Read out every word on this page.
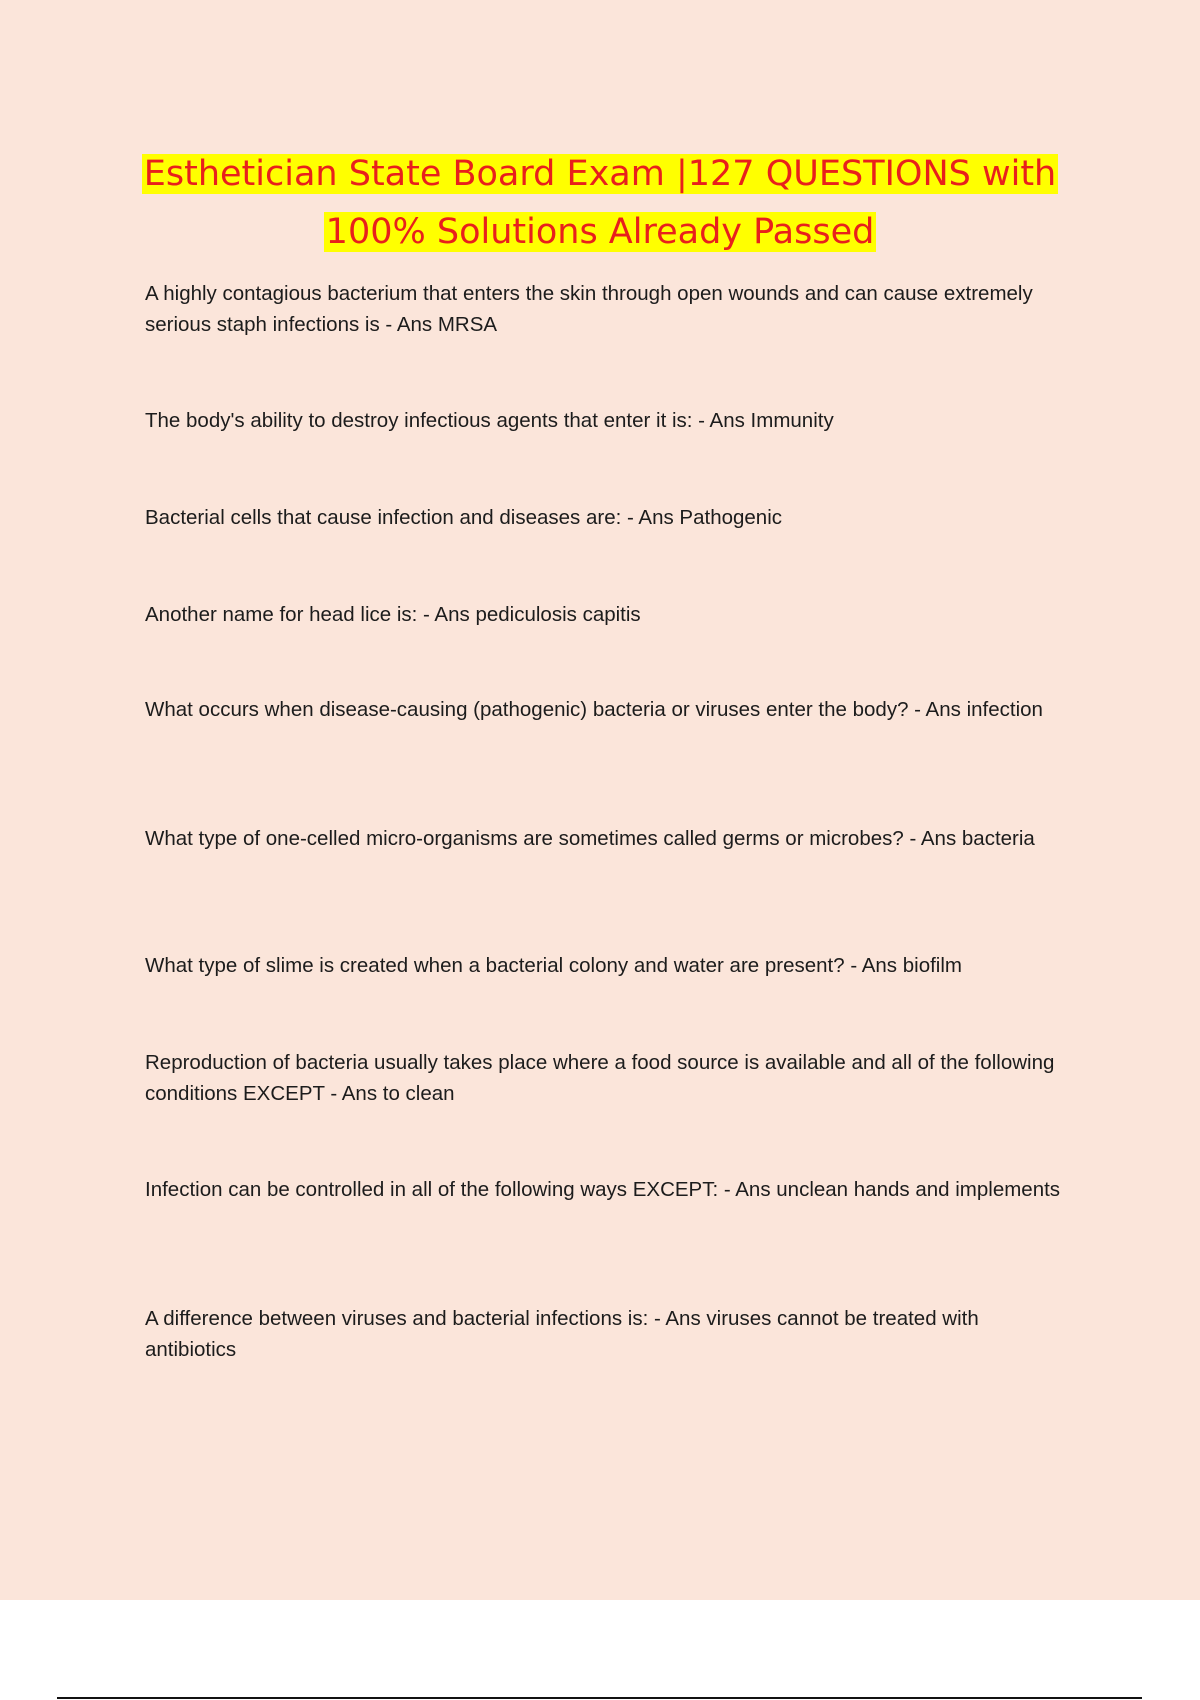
Esthetician State Board Exam |127 QUESTIONS with
100% Solutions Already Passed
A highly contagious bacterium that enters the skin through open wounds and can cause extremely serious staph infections is - Ans MRSA
The body's ability to destroy infectious agents that enter it is: - Ans Immunity
Bacterial cells that cause infection and diseases are: - Ans Pathogenic
Another name for head lice is: - Ans pediculosis capitis
What occurs when disease-causing (pathogenic) bacteria or viruses enter the body? - Ans infection
What type of one-celled micro-organisms are sometimes called germs or microbes? - Ans bacteria
What type of slime is created when a bacterial colony and water are present? - Ans biofilm
Reproduction of bacteria usually takes place where a food source is available and all of the following conditions EXCEPT - Ans to clean
Infection can be controlled in all of the following ways EXCEPT: - Ans unclean hands and implements
A difference between viruses and bacterial infections is: - Ans viruses cannot be treated with antibiotics
